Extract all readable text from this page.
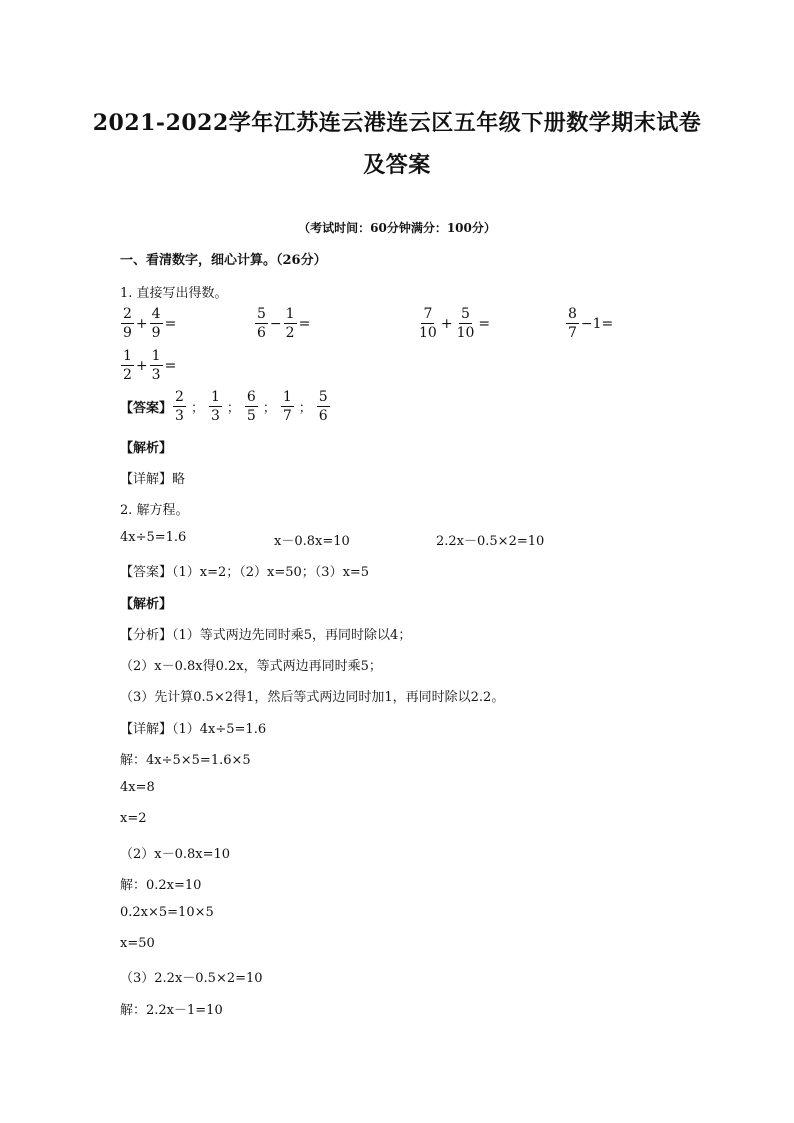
2021-2022学年江苏连云港连云区五年级下册数学期末试卷
及答案
（考试时间：60分钟满分：100分）
一、看清数字，细心计算。（26分）
1. 直接写出得数。
$\frac{2}{9} + \frac{4}{9}$ =	$\frac{5}{6} - \frac{1}{2}$ =	$\frac{7}{10} + \frac{5}{10}$ =	$\frac{8}{7} -1=$
$\frac{1}{2} + \frac{1}{3}$ =
【答案】 $\frac{2}{3}$ ； $\frac{1}{3}$ ； $\frac{6}{5}$ ； $\frac{1}{7}$ ； $\frac{5}{6}$
【解析】
【详解】略
2. 解方程。
4x÷5=1.6	x－0.8x=10	2.2x－0.5×2=10
【答案】（1）x=2；（2）x=50；（3）x=5
【解析】
【分析】（1）等式两边先同时乘5，再同时除以4；
（2）x－0.8x得0.2x，等式两边再同时乘5；
（3）先计算0.5×2得1，然后等式两边同时加1，再同时除以2.2。
【详解】（1）4x÷5=1.6
解：4x÷5×5=1.6×5
4x=8
x=2
（2）x－0.8x=10
解：0.2x=10
0.2x×5=10×5
x=50
（3）2.2x－0.5×2=10
解：2.2x－1=10
